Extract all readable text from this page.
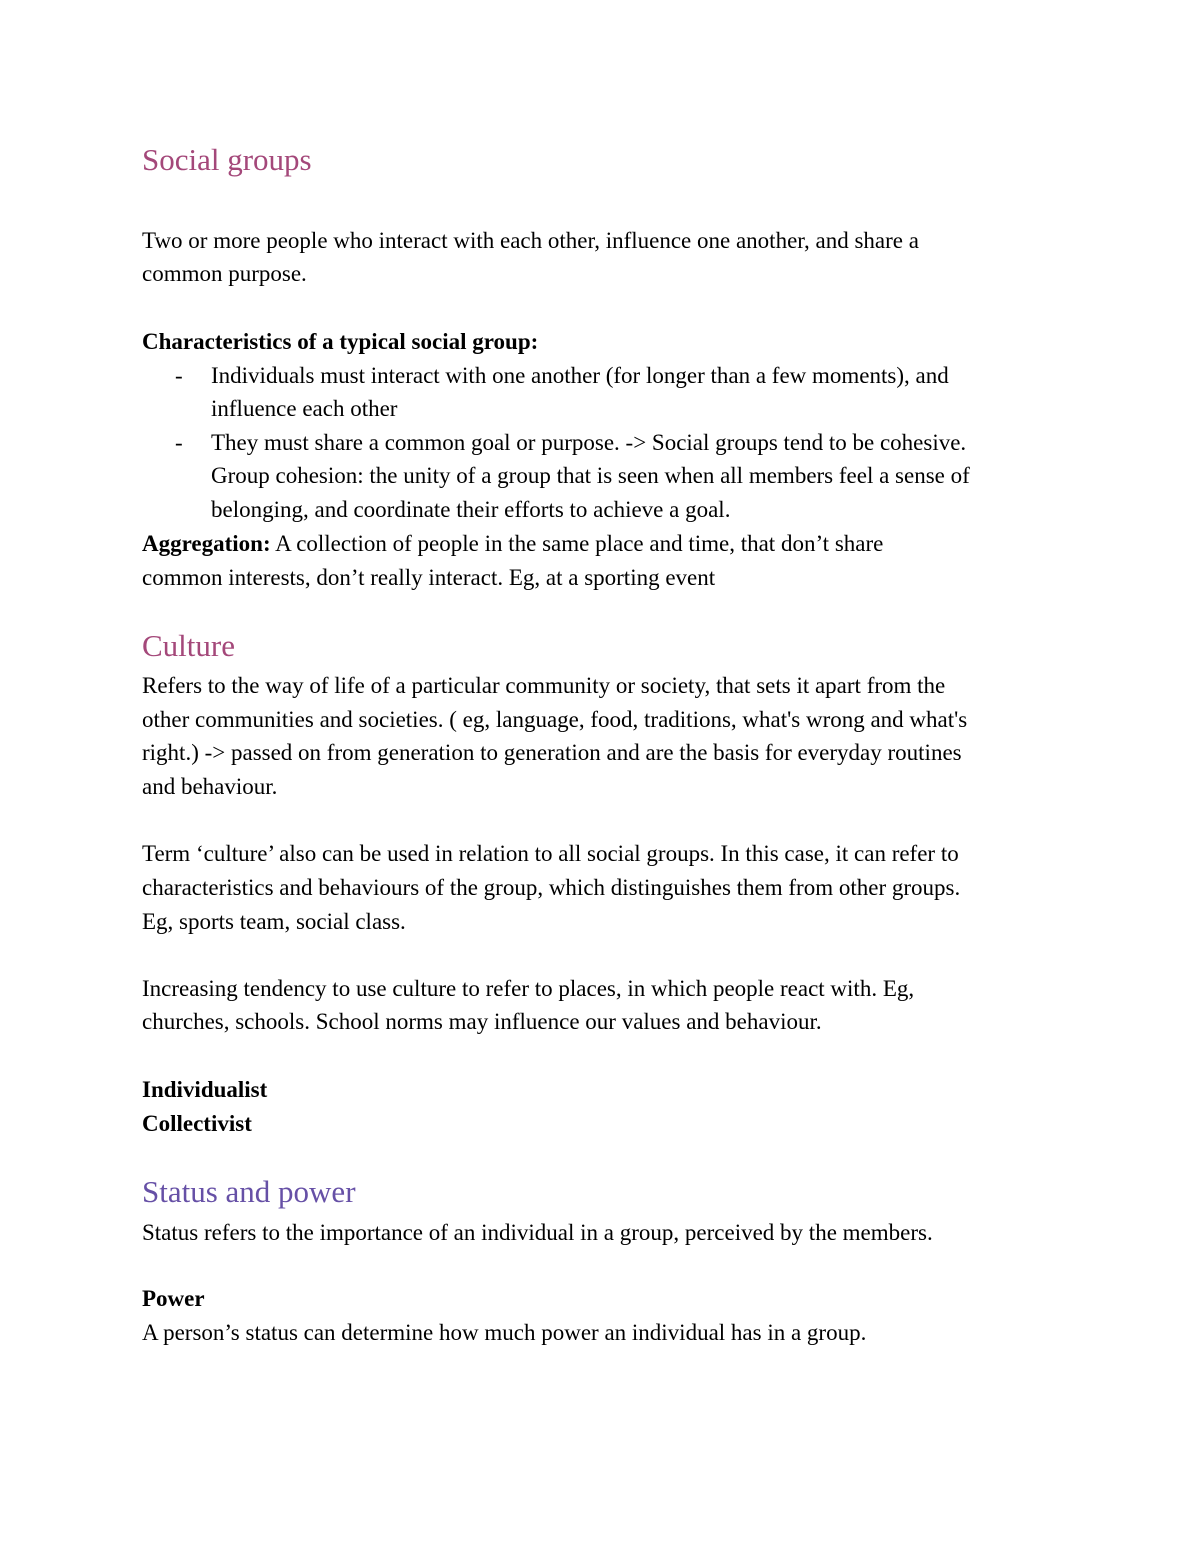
Social groups
Two or more people who interact with each other, influence one another, and share a
common purpose.
Characteristics of a typical social group:
- Individuals must interact with one another (for longer than a few moments), and
influence each other
- They must share a common goal or purpose. -> Social groups tend to be cohesive.
Group cohesion: the unity of a group that is seen when all members feel a sense of
belonging, and coordinate their efforts to achieve a goal.
Aggregation: A collection of people in the same place and time, that don’t share
common interests, don’t really interact. Eg, at a sporting event
Culture
Refers to the way of life of a particular community or society, that sets it apart from the
other communities and societies. ( eg, language, food, traditions, what's wrong and what's
right.) -> passed on from generation to generation and are the basis for everyday routines
and behaviour.
Term ‘culture’ also can be used in relation to all social groups. In this case, it can refer to
characteristics and behaviours of the group, which distinguishes them from other groups.
Eg, sports team, social class.
Increasing tendency to use culture to refer to places, in which people react with. Eg,
churches, schools. School norms may influence our values and behaviour.
Individualist
Collectivist
Status and power
Status refers to the importance of an individual in a group, perceived by the members.
Power
A person’s status can determine how much power an individual has in a group.
